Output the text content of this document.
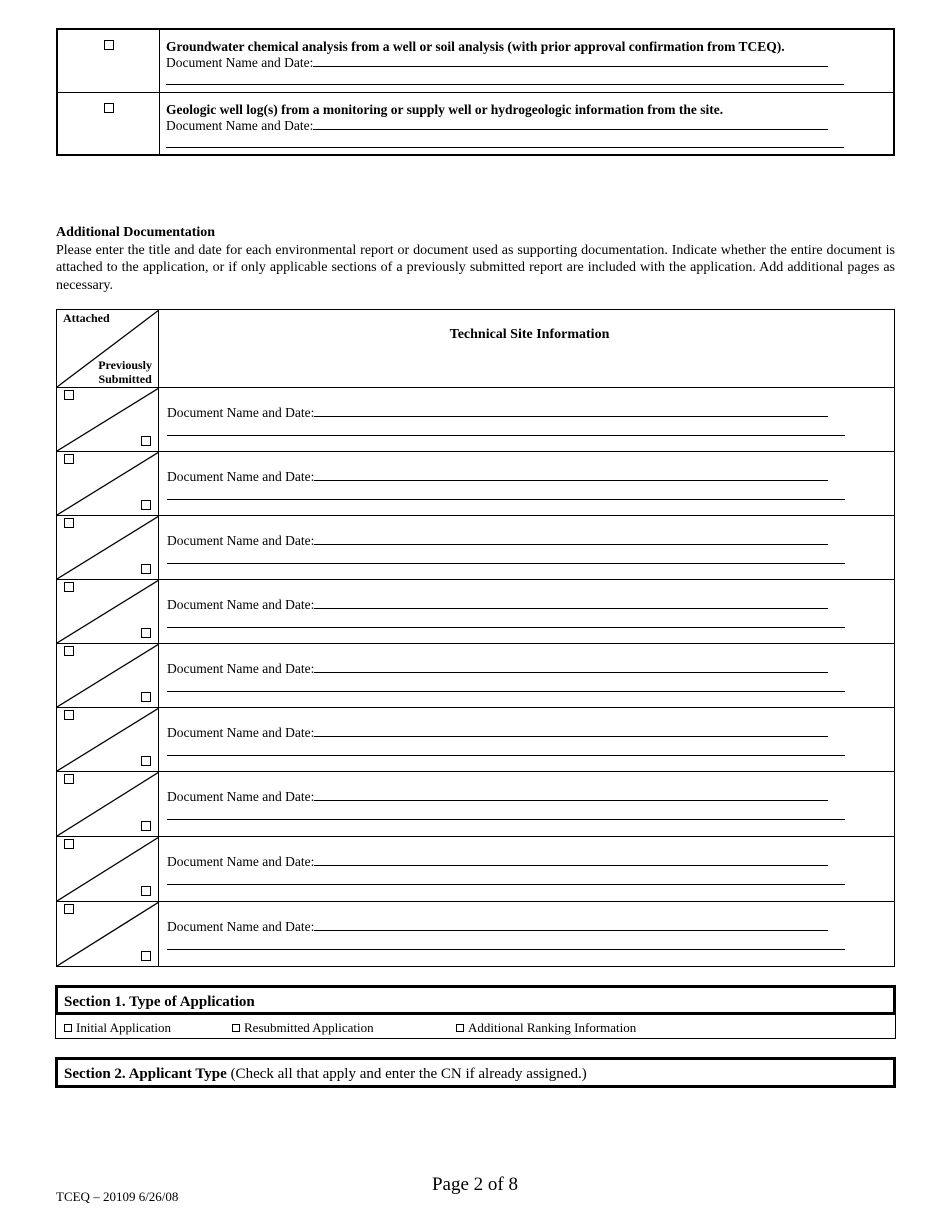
Groundwater chemical analysis from a well or soil analysis (with prior approval confirmation from TCEQ).
Document Name and Date:
Geologic well log(s) from a monitoring or supply well or hydrogeologic information from the site.
Document Name and Date:
Additional Documentation
Please enter the title and date for each environmental report or document used as supporting documentation. Indicate whether the entire document is attached to the application, or if only applicable sections of a previously submitted report are included with the application. Add additional pages as necessary.
Attached
Previously
Submitted
Technical Site Information
Document Name and Date:
Document Name and Date:
Document Name and Date:
Document Name and Date:
Document Name and Date:
Document Name and Date:
Document Name and Date:
Document Name and Date:
Document Name and Date:
Section 1. Type of Application
Initial Application	Resubmitted Application	Additional Ranking Information
Section 2. Applicant Type (Check all that apply and enter the CN if already assigned.)
Page 2 of 8
TCEQ – 20109 6/26/08
